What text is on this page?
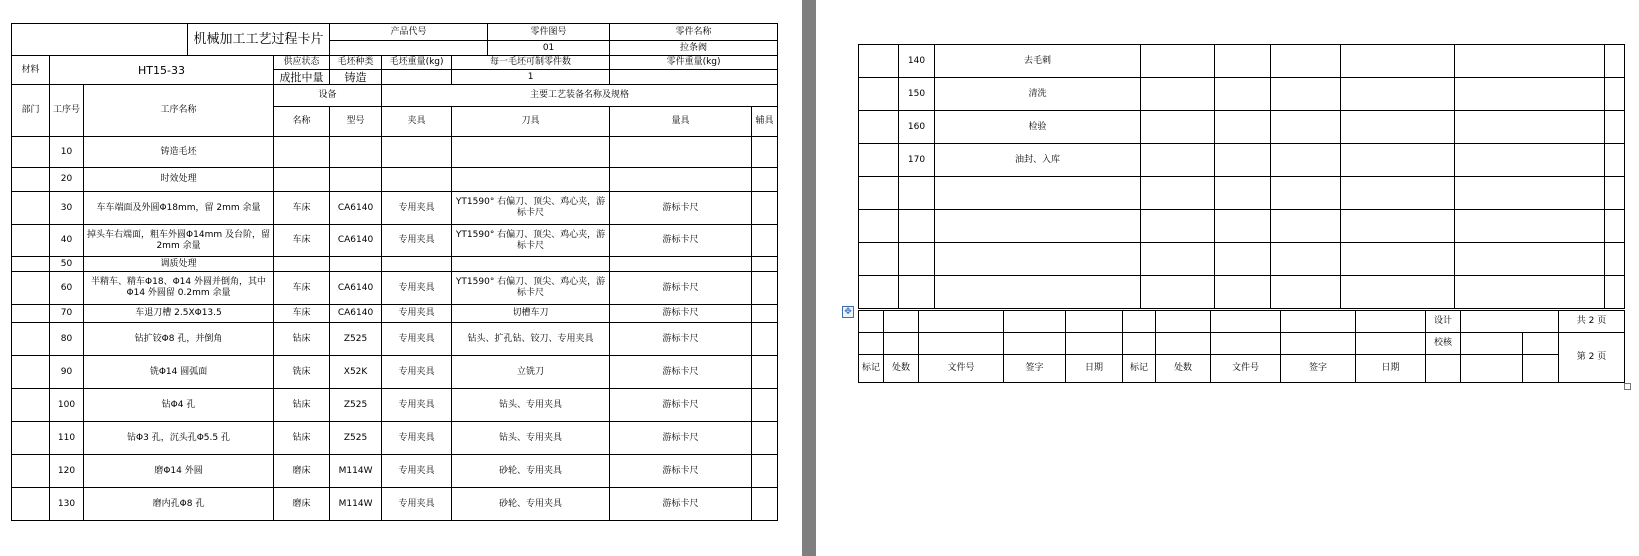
			机械加工工艺过程卡片		产品代号			零件图号	零件名称	
								01	拉条阀	
材料	HT15-33			供应状态	毛坯种类	毛坯重量(kg)	每一毛坯可制零件数		零件重量(kg)	
				成批中量	铸造		1			
部门	工序号	工序名称		设备		主要工艺装备名称及规格				
				名称	型号	夹具	刀具		量具	辅具
	10	铸造毛坯								
	20	时效处理								
	30	车车端面及外圆Φ18mm，留 2mm 余量		车床	CA6140	专用夹具	YT1590° 右偏刀、顶尖、鸡心夹，游标卡尺		游标卡尺	
	40	掉头车右端面，粗车外圆Φ14mm 及台阶，留 2mm 余量		车床	CA6140	专用夹具	YT1590° 右偏刀、顶尖、鸡心夹，游标卡尺		游标卡尺	
	50	调质处理								
	60	半精车、精车Φ18、Φ14 外圆并倒角，其中Φ14 外圆留 0.2mm 余量		车床	CA6140	专用夹具	YT1590° 右偏刀、顶尖、鸡心夹，游标卡尺		游标卡尺	
	70	车退刀槽 2.5XΦ13.5		车床	CA6140	专用夹具	切槽车刀		游标卡尺	
	80	钻扩铰Φ8 孔，并倒角		钻床	Z525	专用夹具	钻头、扩孔钻、铰刀、专用夹具		游标卡尺	
	90	铣Φ14 圆弧面		铣床	X52K	专用夹具	立铣刀		游标卡尺	
	100	钻Φ4 孔		钻床	Z525	专用夹具	钻头、专用夹具		游标卡尺	
	110	钻Φ3 孔，沉头孔Φ5.5 孔		钻床	Z525	专用夹具	钻头、专用夹具		游标卡尺	
	120	磨Φ14 外圆		磨床	M114W	专用夹具	砂轮、专用夹具		游标卡尺	
	130	磨内孔Φ8 孔		磨床	M114W	专用夹具	砂轮、专用夹具		游标卡尺	
	140	去毛刺						
	150	清洗						
	160	检验						
	170	油封、入库						

✥
										设计			共 2 页
										校核			第 2 页
标记	处数	文件号	签字	日期	标记	处数	文件号	签字	日期				
